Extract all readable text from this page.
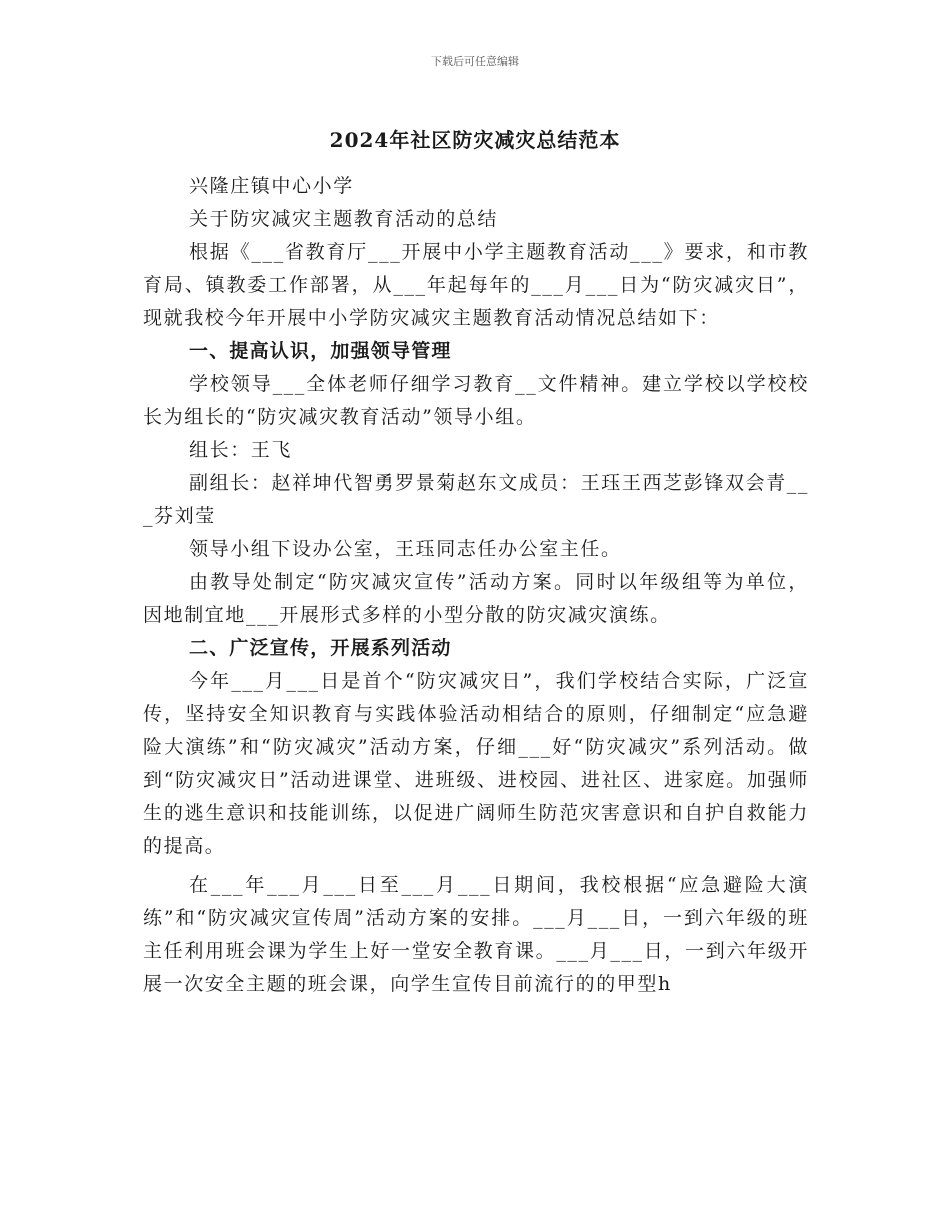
下载后可任意编辑
2024年社区防灾减灾总结范本

兴隆庄镇中心小学

关于防灾减灾主题教育活动的总结

根据《___省教育厅___开展中小学主题教育活动___》要求，和市教育局、镇教委工作部署，从___年起每年的___月___日为“防灾减灾日”，现就我校今年开展中小学防灾减灾主题教育活动情况总结如下：

一、提高认识，加强领导管理

学校领导___全体老师仔细学习教育__文件精神。建立学校以学校校长为组长的“防灾减灾教育活动”领导小组。

组长：王飞

副组长：赵祥坤代智勇罗景菊赵东文成员：王珏王西芝彭锋双会青___芬刘莹

领导小组下设办公室，王珏同志任办公室主任。

由教导处制定“防灾减灾宣传”活动方案。同时以年级组等为单位，因地制宜地___开展形式多样的小型分散的防灾减灾演练。

二、广泛宣传，开展系列活动

今年___月___日是首个“防灾减灾日”，我们学校结合实际，广泛宣传，坚持安全知识教育与实践体验活动相结合的原则，仔细制定“应急避险大演练”和“防灾减灾”活动方案，仔细___好“防灾减灾”系列活动。做到“防灾减灾日”活动进课堂、进班级、进校园、进社区、进家庭。加强师生的逃生意识和技能训练，以促进广阔师生防范灾害意识和自护自救能力的提高。

在___年___月___日至___月___日期间，我校根据“应急避险大演练”和“防灾减灾宣传周”活动方案的安排。___月___日，一到六年级的班主任利用班会课为学生上好一堂安全教育课。___月___日，一到六年级开展一次安全主题的班会课，向学生宣传目前流行的的甲型h
